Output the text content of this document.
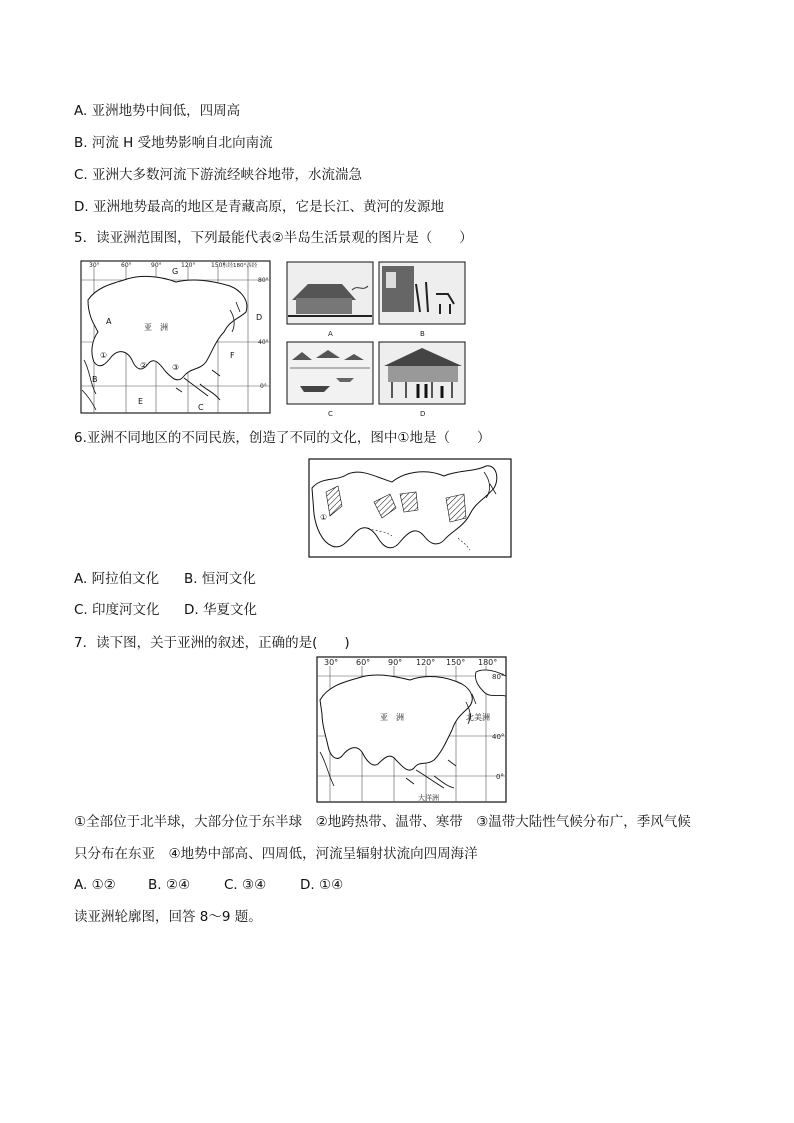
A. 亚洲地势中间低，四周高
B. 河流 H 受地势影响自北向南流
C. 亚洲大多数河流下游流经峡谷地带，水流湍急
D. 亚洲地势最高的地区是青藏高原，它是长江、黄河的发源地
5．读亚洲范围图，下列最能代表②半岛生活景观的图片是（　　）
30°	60°	90°	120°	150°
东经180°西经
80°
40°
0°
G
A	D
F
B
E
C
亚　洲
①
②	③
A	B
C	D
6.亚洲不同地区的不同民族，创造了不同的文化，图中①地是（　　）
①
A. 阿拉伯文化 B. 恒河文化
C. 印度河文化 D. 华夏文化
7．读下图，关于亚洲的叙述，正确的是(　　)
30° 60° 90° 120° 150° 180°
80°
40°
0°
亚　洲	北美洲
大洋洲
①全部位于北半球，大部分位于东半球　②地跨热带、温带、寒带　③温带大陆性气候分布广，季风气候
只分布在东亚　④地势中部高、四周低，河流呈辐射状流向四周海洋
A. ①② B. ②④	C. ③④	D. ①④
读亚洲轮廓图，回答 8～9 题。
